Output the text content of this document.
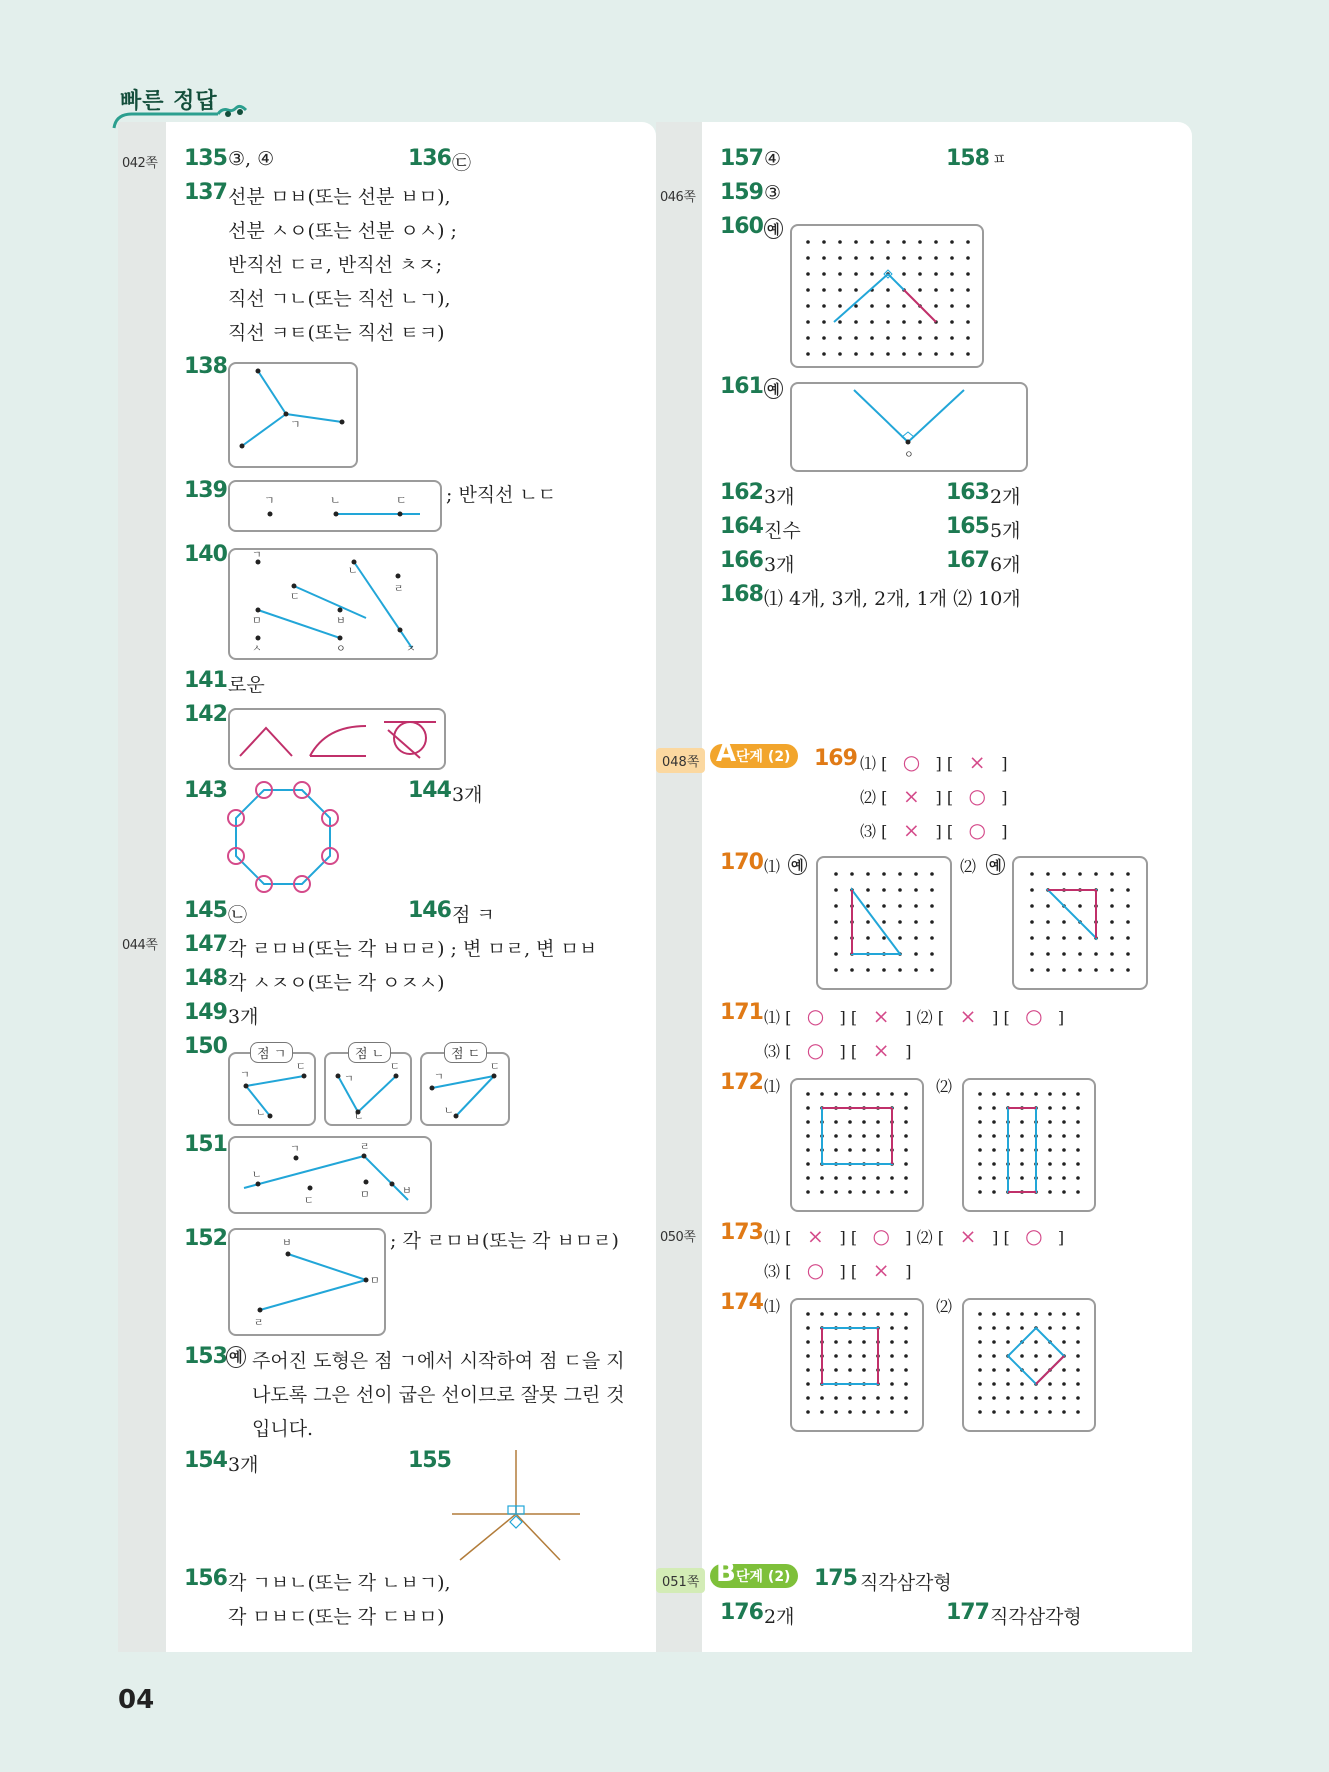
빠른 정답
042쪽
044쪽
046쪽
050쪽
135 ③, ④	136 ㉢
137 선분 ㅁㅂ(또는 선분 ㅂㅁ),
선분 ㅅㅇ(또는 선분 ㅇㅅ) ;
반직선 ㄷㄹ, 반직선 ㅊㅈ;
직선 ㄱㄴ(또는 직선 ㄴㄱ),
직선 ㅋㅌ(또는 직선 ㅌㅋ)
138
ㄱ
139	ㄱ	ㄴ	ㄷ ; 반직선 ㄴㄷ
140	ㄱ
ㄷ
ㄴ
ㄹ
ㅁ	ㅂ
ㅅ	ㅇ	ㅈ
141 로운
142
143	144 3개
145 ㉡	146 점 ㅋ
147 각 ㄹㅁㅂ(또는 각 ㅂㅁㄹ) ; 변 ㅁㄹ, 변 ㅁㅂ
148 각 ㅅㅈㅇ(또는 각 ㅇㅈㅅ)
149 3개
150
ㄱ
ㄷ
ㄴ
점 ㄱ
ㄱ
ㄴ
ㄷ
점 ㄴ
ㄱ
ㄴ
ㄷ
점 ㄷ
151	ㄱ	ㄹ
ㄴ
ㄷ
ㅁ	ㅂ
152	ㅂ
ㅁ
ㄹ
; 각 ㄹㅁㅂ(또는 각 ㅂㅁㄹ)
153 예 주어진 도형은 점 ㄱ에서 시작하여 점 ㄷ을 지
나도록 그은 선이 굽은 선이므로 잘못 그린 것
입니다.
154 3개	155
156 각 ㄱㅂㄴ(또는 각 ㄴㅂㄱ),
각 ㅁㅂㄷ(또는 각 ㄷㅂㅁ)
157 ④	158 ㅍ
159 ③
160 예
161 예
ㅇ
162 3개	163 2개
164 진수	165 5개
166 3개	167 6개
168 ⑴ 4개, 3개, 2개, 1개 ⑵ 10개
048쪽 A 단계 (2)	169 ⑴ [ ○ ] [ × ]
⑵ [ × ] [ ○ ]
⑶ [ × ] [ ○ ]
170 ⑴ 예	⑵ 예
171 ⑴ [ ○ ] [ × ] ⑵ [ × ] [ ○ ]
⑶ [ ○ ] [ × ]
172 ⑴	⑵
173 ⑴ [ × ] [ ○ ] ⑵ [ × ] [ ○ ]
⑶ [ ○ ] [ × ]
174 ⑴	⑵
051쪽 B 단계 (2)	175 직각삼각형
176 2개	177 직각삼각형
04
